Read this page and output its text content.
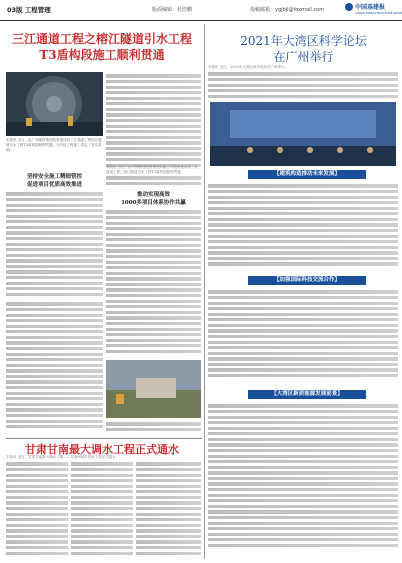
03版 工程管理	版面编辑：杜浩鹏	投稿邮箱：ygjbjl@foxmail.com	中国基建报
CHINA INFRASTRUCTURE NEWS
三江通道工程之榕江隧道引水工程
T3盾构段施工顺利贯通
本报讯 近日，由广州地铁集团投资建设的三江通道工程榕江隧道引水工程T3盾构段顺利贯通，为后续工程施工奠定了坚实基础。
坚持安全施工精细管控
促进项目优质高效推进
推动实现高效
1000多项目体系协作共赢
甘肃甘南最大调水工程正式通水
2021年大湾区科学论坛
在广州举行
【建筑构造推动未来发展】
【加强国际科技交流合作】
【大湾区新质能源发展前景】
本报讯 近日，由中国铁建投资集团有限公司投资建设的三江通道工程之榕江隧道引水工程T3盾构段顺利贯通。
本报讯 近日，甘肃甘南最大调水工程——甘南州城乡供水工程正式通水。
本报讯 近日，2021年大湾区科学论坛在广州举行。
